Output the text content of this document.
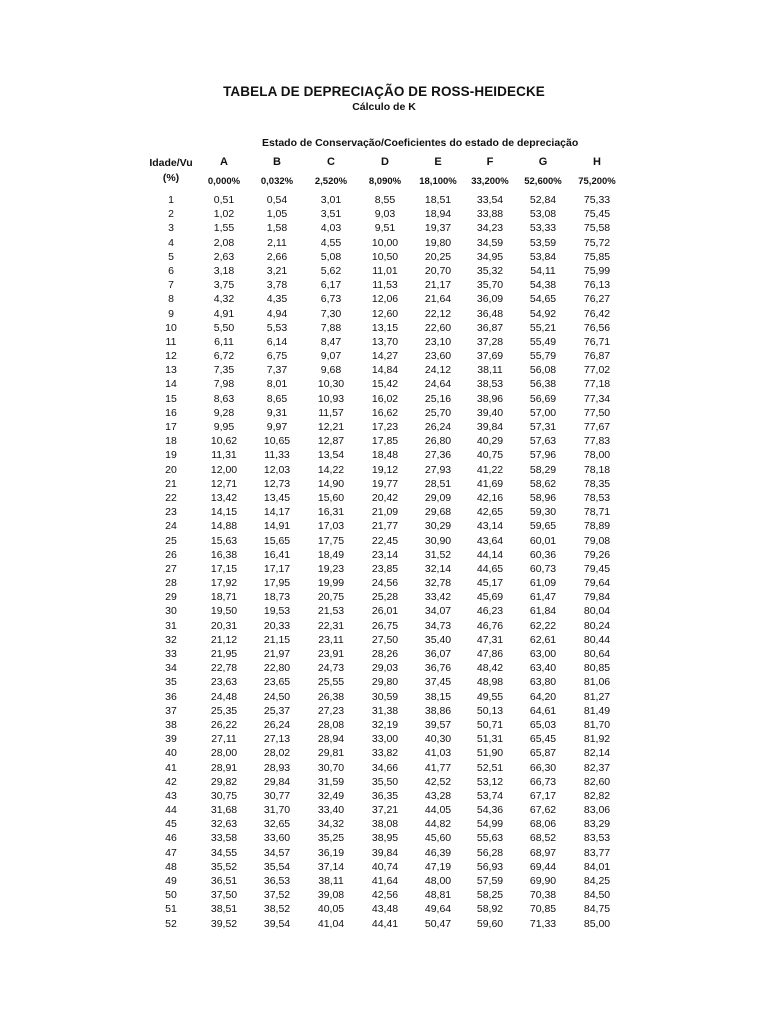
TABELA DE DEPRECIAÇÃO DE ROSS-HEIDECKE
Cálculo de K
Estado de Conservação/Coeficientes do estado de depreciação
Idade/Vu
(%)
A	B	C	D	E	F	G	H
0,000%	0,032%	2,520%	8,090%	18,100%	33,200%	52,600%	75,200%
1	0,51	0,54	3,01	8,55	18,51	33,54	52,84	75,33
2	1,02	1,05	3,51	9,03	18,94	33,88	53,08	75,45
3	1,55	1,58	4,03	9,51	19,37	34,23	53,33	75,58
4	2,08	2,11	4,55	10,00	19,80	34,59	53,59	75,72
5	2,63	2,66	5,08	10,50	20,25	34,95	53,84	75,85
6	3,18	3,21	5,62	11,01	20,70	35,32	54,11	75,99
7	3,75	3,78	6,17	11,53	21,17	35,70	54,38	76,13
8	4,32	4,35	6,73	12,06	21,64	36,09	54,65	76,27
9	4,91	4,94	7,30	12,60	22,12	36,48	54,92	76,42
10	5,50	5,53	7,88	13,15	22,60	36,87	55,21	76,56
11	6,11	6,14	8,47	13,70	23,10	37,28	55,49	76,71
12	6,72	6,75	9,07	14,27	23,60	37,69	55,79	76,87
13	7,35	7,37	9,68	14,84	24,12	38,11	56,08	77,02
14	7,98	8,01	10,30	15,42	24,64	38,53	56,38	77,18
15	8,63	8,65	10,93	16,02	25,16	38,96	56,69	77,34
16	9,28	9,31	11,57	16,62	25,70	39,40	57,00	77,50
17	9,95	9,97	12,21	17,23	26,24	39,84	57,31	77,67
18	10,62	10,65	12,87	17,85	26,80	40,29	57,63	77,83
19	11,31	11,33	13,54	18,48	27,36	40,75	57,96	78,00
20	12,00	12,03	14,22	19,12	27,93	41,22	58,29	78,18
21	12,71	12,73	14,90	19,77	28,51	41,69	58,62	78,35
22	13,42	13,45	15,60	20,42	29,09	42,16	58,96	78,53
23	14,15	14,17	16,31	21,09	29,68	42,65	59,30	78,71
24	14,88	14,91	17,03	21,77	30,29	43,14	59,65	78,89
25	15,63	15,65	17,75	22,45	30,90	43,64	60,01	79,08
26	16,38	16,41	18,49	23,14	31,52	44,14	60,36	79,26
27	17,15	17,17	19,23	23,85	32,14	44,65	60,73	79,45
28	17,92	17,95	19,99	24,56	32,78	45,17	61,09	79,64
29	18,71	18,73	20,75	25,28	33,42	45,69	61,47	79,84
30	19,50	19,53	21,53	26,01	34,07	46,23	61,84	80,04
31	20,31	20,33	22,31	26,75	34,73	46,76	62,22	80,24
32	21,12	21,15	23,11	27,50	35,40	47,31	62,61	80,44
33	21,95	21,97	23,91	28,26	36,07	47,86	63,00	80,64
34	22,78	22,80	24,73	29,03	36,76	48,42	63,40	80,85
35	23,63	23,65	25,55	29,80	37,45	48,98	63,80	81,06
36	24,48	24,50	26,38	30,59	38,15	49,55	64,20	81,27
37	25,35	25,37	27,23	31,38	38,86	50,13	64,61	81,49
38	26,22	26,24	28,08	32,19	39,57	50,71	65,03	81,70
39	27,11	27,13	28,94	33,00	40,30	51,31	65,45	81,92
40	28,00	28,02	29,81	33,82	41,03	51,90	65,87	82,14
41	28,91	28,93	30,70	34,66	41,77	52,51	66,30	82,37
42	29,82	29,84	31,59	35,50	42,52	53,12	66,73	82,60
43	30,75	30,77	32,49	36,35	43,28	53,74	67,17	82,82
44	31,68	31,70	33,40	37,21	44,05	54,36	67,62	83,06
45	32,63	32,65	34,32	38,08	44,82	54,99	68,06	83,29
46	33,58	33,60	35,25	38,95	45,60	55,63	68,52	83,53
47	34,55	34,57	36,19	39,84	46,39	56,28	68,97	83,77
48	35,52	35,54	37,14	40,74	47,19	56,93	69,44	84,01
49	36,51	36,53	38,11	41,64	48,00	57,59	69,90	84,25
50	37,50	37,52	39,08	42,56	48,81	58,25	70,38	84,50
51	38,51	38,52	40,05	43,48	49,64	58,92	70,85	84,75
52	39,52	39,54	41,04	44,41	50,47	59,60	71,33	85,00
